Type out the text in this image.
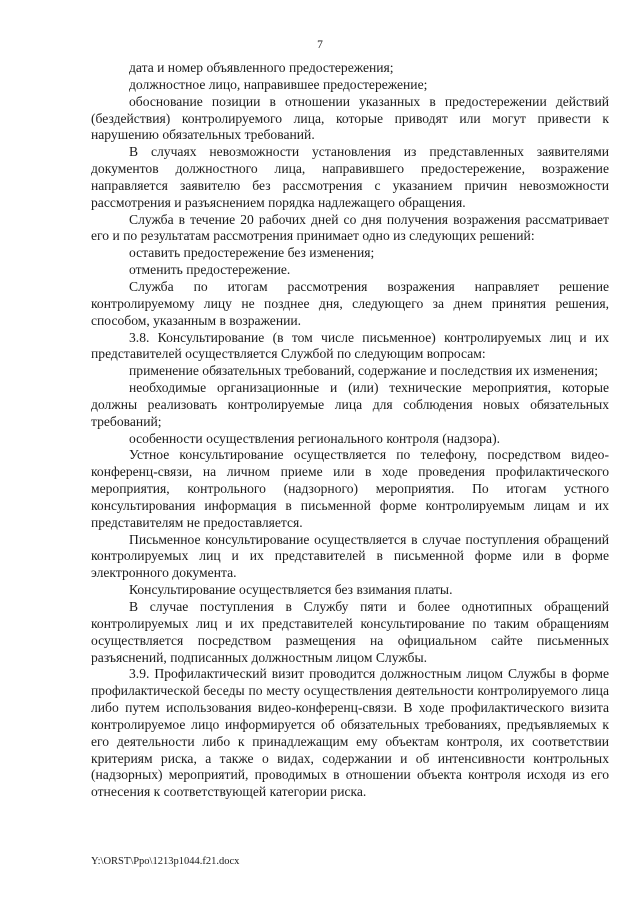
7

дата и номер объявленного предостережения;

должностное лицо, направившее предостережение;

обоснование позиции в отношении указанных в предостережении действий (бездействия) контролируемого лица, которые приводят или могут привести к нарушению обязательных требований.

В случаях невозможности установления из представленных заявителями документов должностного лица, направившего предостережение, возражение направляется заявителю без рассмотрения с указанием причин невозможности рассмотрения и разъяснением порядка надлежащего обращения.

Служба в течение 20 рабочих дней со дня получения возражения рассматривает его и по результатам рассмотрения принимает одно из следующих решений:

оставить предостережение без изменения;

отменить предостережение.

Служба по итогам рассмотрения возражения направляет решение контролируемому лицу не позднее дня, следующего за днем принятия решения, способом, указанным в возражении.

3.8. Консультирование (в том числе письменное) контролируемых лиц и их представителей осуществляется Службой по следующим вопросам:

применение обязательных требований, содержание и последствия их изменения;

необходимые организационные и (или) технические мероприятия, которые должны реализовать контролируемые лица для соблюдения новых обязательных требований;

особенности осуществления регионального контроля (надзора).

Устное консультирование осуществляется по телефону, посредством видео-конференц-связи, на личном приеме или в ходе проведения профилактического мероприятия, контрольного (надзорного) мероприятия. По итогам устного консультирования информация в письменной форме контролируемым лицам и их представителям не предоставляется.

Письменное консультирование осуществляется в случае поступления обращений контролируемых лиц и их представителей в письменной форме или в форме электронного документа.

Консультирование осуществляется без взимания платы.

В случае поступления в Службу пяти и более однотипных обращений контролируемых лиц и их представителей консультирование по таким обращениям осуществляется посредством размещения на официальном сайте письменных разъяснений, подписанных должностным лицом Службы.

3.9. Профилактический визит проводится должностным лицом Службы в форме профилактической беседы по месту осуществления деятельности контролируемого лица либо путем использования видео-конференц-связи. В ходе профилактического визита контролируемое лицо информируется об обязательных требованиях, предъявляемых к его деятельности либо к принадлежащим ему объектам контроля, их соответствии критериям риска, а также о видах, содержании и об интенсивности контрольных (надзорных) мероприятий, проводимых в отношении объекта контроля исходя из его отнесения к соответствующей категории риска.

Y:\ORST\Ppo\1213p1044.f21.docx
